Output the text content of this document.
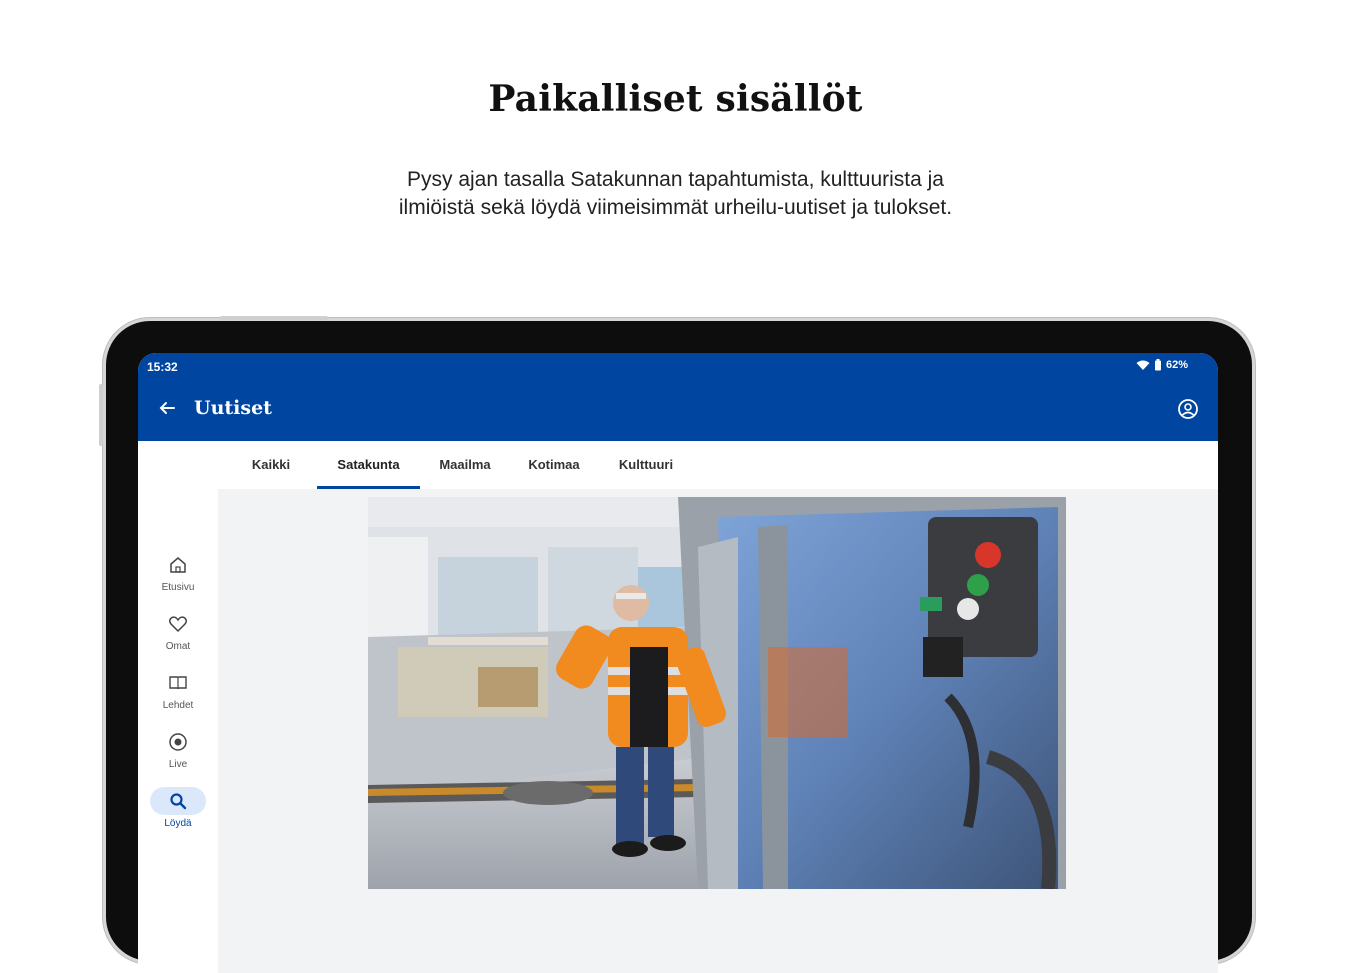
Paikalliset sisällöt
Pysy ajan tasalla Satakunnan tapahtumista, kulttuurista ja
ilmiöistä sekä löydä viimeisimmät urheilu-uutiset ja tulokset.
15:32	62%
Uutiset
Kaikki	Satakunta	Maailma	Kotimaa	Kulttuuri
Etusivu
Omat
Lehdet
Live
Löydä
